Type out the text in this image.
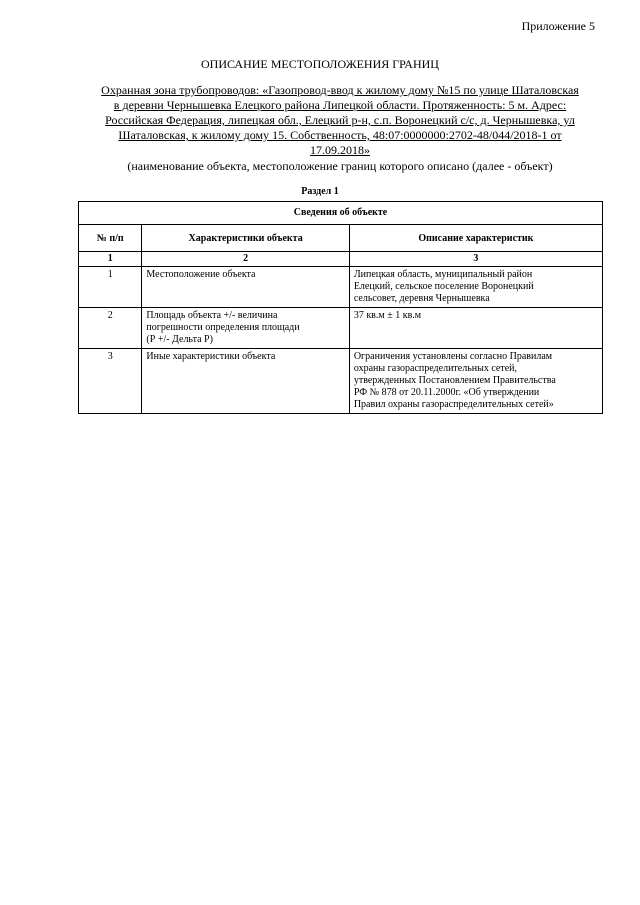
Приложение 5
ОПИСАНИЕ МЕСТОПОЛОЖЕНИЯ ГРАНИЦ
Охранная зона трубопроводов: «Газопровод-ввод к жилому дому №15 по улице Шаталовская
в деревни Чернышевка Елецкого района Липецкой области. Протяженность: 5 м. Адрес:
Российская Федерация, липецкая обл., Елецкий р-н, с.п. Воронецкий с/с, д. Чернышевка, ул
Шаталовская, к жилому дому 15. Собственность, 48:07:0000000:2702-48/044/2018-1 от
17.09.2018»
(наименование объекта, местоположение границ которого описано (далее - объект)
Раздел 1
Сведения об объекте		
№ п/п	Характеристики объекта	Описание характеристик
1	2	3
1	Местоположение объекта	Липецкая область, муниципальный район
Елецкий, сельское поселение Воронецкий
сельсовет, деревня Чернышевка

2	Площадь объекта +/- величина
погрешности определения площади
(Р +/- Дельта Р)	37 кв.м ± 1 кв.м

3	Иные характеристики объекта	Ограничения установлены согласно Правилам
охраны газораспределительных сетей,
утвержденных Постановлением Правительства
РФ № 878 от 20.11.2000г. «Об утверждении
Правил охраны газораспределительных сетей»
